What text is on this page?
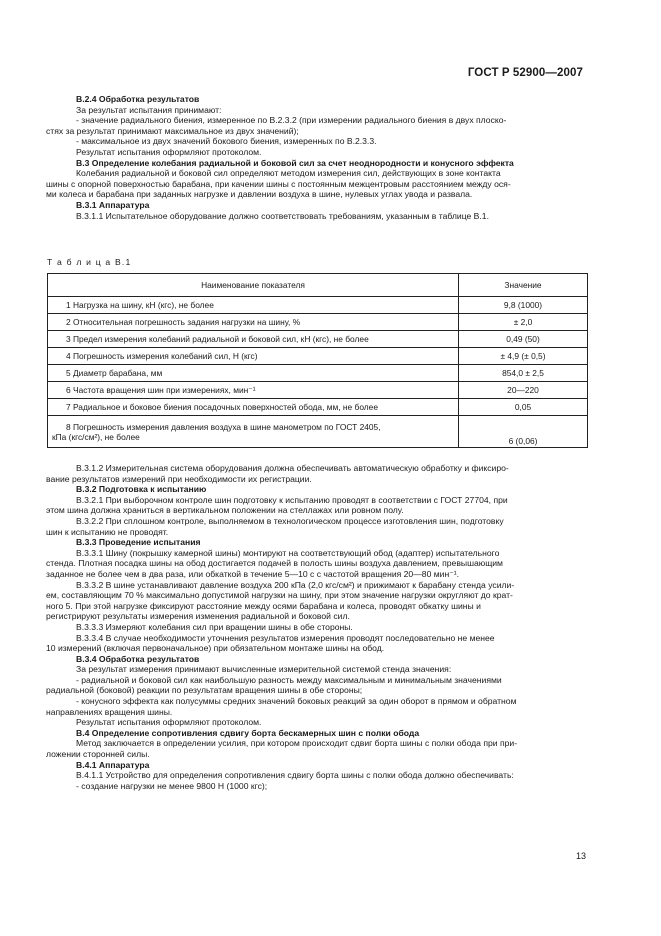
ГОСТ Р 52900—2007

B.2.4 Обработка результатов

За результат испытания принимают:

- значение радиального биения, измеренное по B.2.3.2 (при измерении радиального биения в двух плоско-

стях за результат принимают максимальное из двух значений);

- максимальное из двух значений бокового биения, измеренных по B.2.3.3.

Результат испытания оформляют протоколом.

B.3 Определение колебания радиальной и боковой сил за счет неоднородности и конусного эффекта

Колебания радиальной и боковой сил определяют методом измерения сил, действующих в зоне контакта

шины с опорной поверхностью барабана, при качении шины с постоянным межцентровым расстоянием между ося-

ми колеса и барабана при заданных нагрузке и давлении воздуха в шине, нулевых углах увода и развала.

B.3.1 Аппаратура

B.3.1.1 Испытательное оборудование должно соответствовать требованиям, указанным в таблице B.1.

Т а б л и ц а B.1
Наименование показателя	Значение
1 Нагрузка на шину, кН (кгс), не более	9,8 (1000)
2 Относительная погрешность задания нагрузки на шину, %	± 2,0
3 Предел измерения колебаний радиальной и боковой сил, кН (кгс), не более	0,49 (50)
4 Погрешность измерения колебаний сил, Н (кгс)	± 4,9 (± 0,5)
5 Диаметр барабана, мм	854,0 ± 2,5
6 Частота вращения шин при измерениях, мин⁻¹	20—220
7 Радиальное и боковое биения посадочных поверхностей обода, мм, не более	0,05

8 Погрешность измерения давления воздуха в шине манометром по ГОСТ 2405,
кПа (кгс/см²), не более	6 (0,06)

B.3.1.2 Измерительная система оборудования должна обеспечивать автоматическую обработку и фиксиро-

вание результатов измерений при необходимости их регистрации.

B.3.2 Подготовка к испытанию

B.3.2.1 При выборочном контроле шин подготовку к испытанию проводят в соответствии с ГОСТ 27704, при

этом шина должна храниться в вертикальном положении на стеллажах или ровном полу.

B.3.2.2 При сплошном контроле, выполняемом в технологическом процессе изготовления шин, подготовку

шин к испытанию не проводят.

B.3.3 Проведение испытания

B.3.3.1 Шину (покрышку камерной шины) монтируют на соответствующий обод (адаптер) испытательного

стенда. Плотная посадка шины на обод достигается подачей в полость шины воздуха давлением, превышающим

заданное не более чем в два раза, или обкаткой в течение 5—10 с с частотой вращения 20—80 мин⁻¹.

B.3.3.2 В шине устанавливают давление воздуха 200 кПа (2,0 кгс/см²) и прижимают к барабану стенда усили-

ем, составляющим 70 % максимально допустимой нагрузки на шину, при этом значение нагрузки округляют до крат-

ного 5. При этой нагрузке фиксируют расстояние между осями барабана и колеса, проводят обкатку шины и

регистрируют результаты измерения изменения радиальной и боковой сил.

B.3.3.3 Измеряют колебания сил при вращении шины в обе стороны.

B.3.3.4 В случае необходимости уточнения результатов измерения проводят последовательно не менее

10 измерений (включая первоначальное) при обязательном монтаже шины на обод.

B.3.4 Обработка результатов

За результат измерения принимают вычисленные измерительной системой стенда значения:

- радиальной и боковой сил как наибольшую разность между максимальным и минимальным значениями

радиальной (боковой) реакции по результатам вращения шины в обе стороны;

- конусного эффекта как полусуммы средних значений боковых реакций за один оборот в прямом и обратном

направлениях вращения шины.

Результат испытания оформляют протоколом.

B.4 Определение сопротивления сдвигу борта бескамерных шин с полки обода

Метод заключается в определении усилия, при котором происходит сдвиг борта шины с полки обода при при-

ложении сторонней силы.

B.4.1 Аппаратура

B.4.1.1 Устройство для определения сопротивления сдвигу борта шины с полки обода должно обеспечивать:

- создание нагрузки не менее 9800 Н (1000 кгс);

13
